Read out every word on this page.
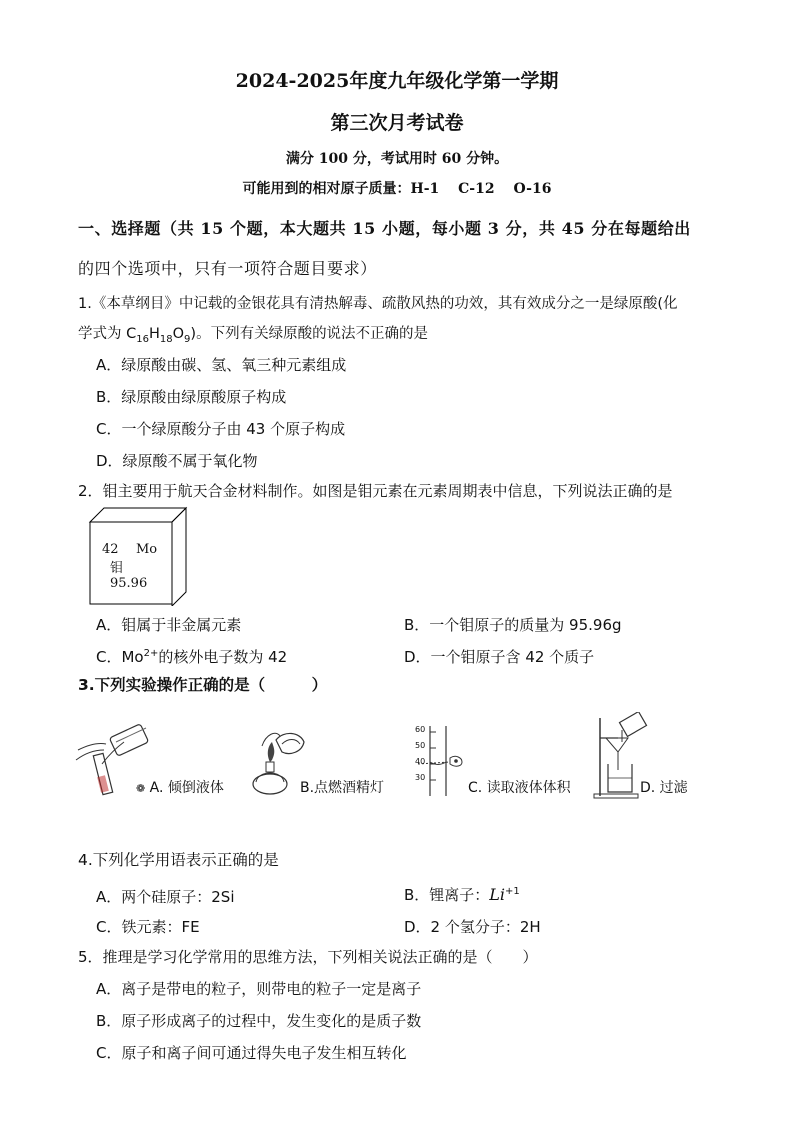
2024-2025年度九年级化学第一学期
第三次月考试卷
满分 100 分，考试用时 60 分钟。
可能用到的相对原子质量：H-1　 C-12　 O-16
一、选择题（共 15 个题，本大题共 15 小题，每小题 3 分，共 45 分在每题给出
的四个选项中，只有一项符合题目要求）
1.《本草纲目》中记载的金银花具有清热解毒、疏散风热的功效，其有效成分之一是绿原酸(化
学式为 $C_{16}H_{18}O_9$)。下列有关绿原酸的说法不正确的是
A．绿原酸由碳、氢、氧三种元素组成
B．绿原酸由绿原酸原子构成
C．一个绿原酸分子由 43 个原子构成
D．绿原酸不属于氧化物
2．钼主要用于航天合金材料制作。如图是钼元素在元素周期表中信息，下列说法正确的是
42 Mo
钼
95.96
A．钼属于非金属元素	B．一个钼原子的质量为 95.96g
C．$Mo^{2+}$的核外电子数为 42	D．一个钼原子含 42 个质子
3.下列实验操作正确的是（　　　）
❁ A. 倾倒液体	B.点燃酒精灯
60
50
40
30
C. 读取液体体积	D. 过滤
4.下列化学用语表示正确的是
A．两个硅原子：2Si	B．锂离子：$Li^{+1}$
C．铁元素：FE	D．2 个氢分子：2H
5．推理是学习化学常用的思维方法，下列相关说法正确的是（　　）
A．离子是带电的粒子，则带电的粒子一定是离子
B．原子形成离子的过程中，发生变化的是质子数
C．原子和离子间可通过得失电子发生相互转化
